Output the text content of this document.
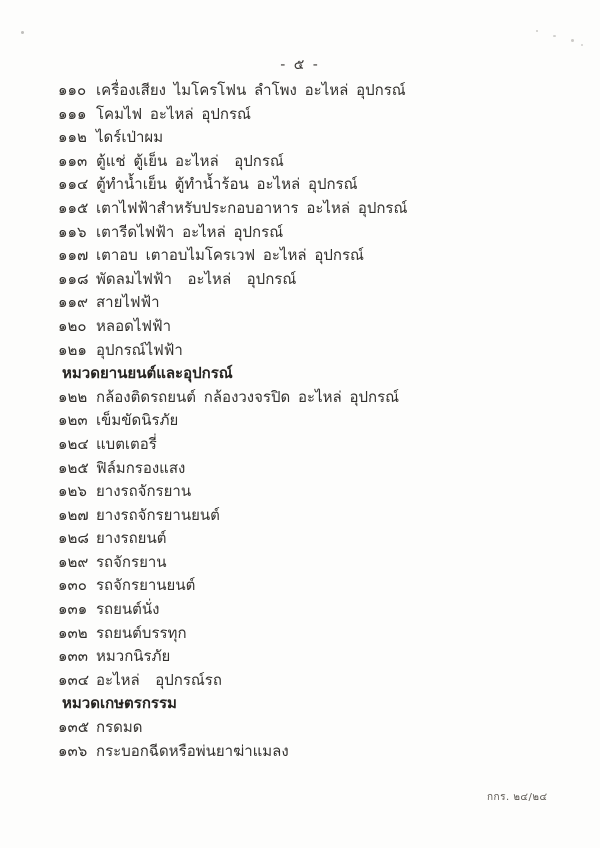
- ๕ -
๑๑๐ เครื่องเสียง ไมโครโฟน ลำโพง อะไหล่ อุปกรณ์
๑๑๑ โคมไฟ อะไหล่ อุปกรณ์
๑๑๒ ไดร์เป่าผม
๑๑๓ ตู้แช่ ตู้เย็น อะไหล่  อุปกรณ์
๑๑๔ ตู้ทำน้ำเย็น ตู้ทำน้ำร้อน อะไหล่ อุปกรณ์
๑๑๕ เตาไฟฟ้าสำหรับประกอบอาหาร อะไหล่ อุปกรณ์
๑๑๖ เตารีดไฟฟ้า อะไหล่ อุปกรณ์
๑๑๗ เตาอบ เตาอบไมโครเวฟ อะไหล่ อุปกรณ์
๑๑๘ พัดลมไฟฟ้า  อะไหล่  อุปกรณ์
๑๑๙ สายไฟฟ้า
๑๒๐ หลอดไฟฟ้า
๑๒๑ อุปกรณ์ไฟฟ้า
หมวดยานยนต์และอุปกรณ์
๑๒๒ กล้องติดรถยนต์ กล้องวงจรปิด อะไหล่ อุปกรณ์
๑๒๓ เข็มขัดนิรภัย
๑๒๔ แบตเตอรี่
๑๒๕ ฟิล์มกรองแสง
๑๒๖ ยางรถจักรยาน
๑๒๗ ยางรถจักรยานยนต์
๑๒๘ ยางรถยนต์
๑๒๙ รถจักรยาน
๑๓๐ รถจักรยานยนต์
๑๓๑ รถยนต์นั่ง
๑๓๒ รถยนต์บรรทุก
๑๓๓ หมวกนิรภัย
๑๓๔ อะไหล่  อุปกรณ์รถ
หมวดเกษตรกรรม
๑๓๕ กรดมด
๑๓๖ กระบอกฉีดหรือพ่นยาฆ่าแมลง
กกร. ๒๔/๒๔
